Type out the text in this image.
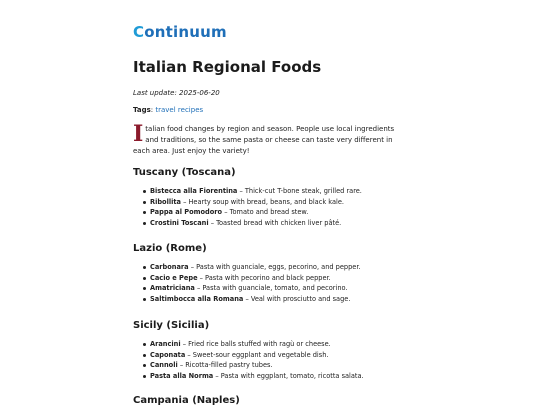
Continuum
Italian Regional Foods
Last update: 2025-06-20
Tags: travel recipes
Italian food changes by region and season. People use local ingredients and traditions, so the same pasta or cheese can taste very different in each area. Just enjoy the variety!
Tuscany (Toscana)
Bistecca alla Fiorentina – Thick-cut T-bone steak, grilled rare.
Ribollita – Hearty soup with bread, beans, and black kale.
Pappa al Pomodoro – Tomato and bread stew.
Crostini Toscani – Toasted bread with chicken liver pâté.
Lazio (Rome)
Carbonara – Pasta with guanciale, eggs, pecorino, and pepper.
Cacio e Pepe – Pasta with pecorino and black pepper.
Amatriciana – Pasta with guanciale, tomato, and pecorino.
Saltimbocca alla Romana – Veal with prosciutto and sage.
Sicily (Sicilia)
Arancini – Fried rice balls stuffed with ragù or cheese.
Caponata – Sweet-sour eggplant and vegetable dish.
Cannoli – Ricotta-filled pastry tubes.
Pasta alla Norma – Pasta with eggplant, tomato, ricotta salata.
Campania (Naples)
